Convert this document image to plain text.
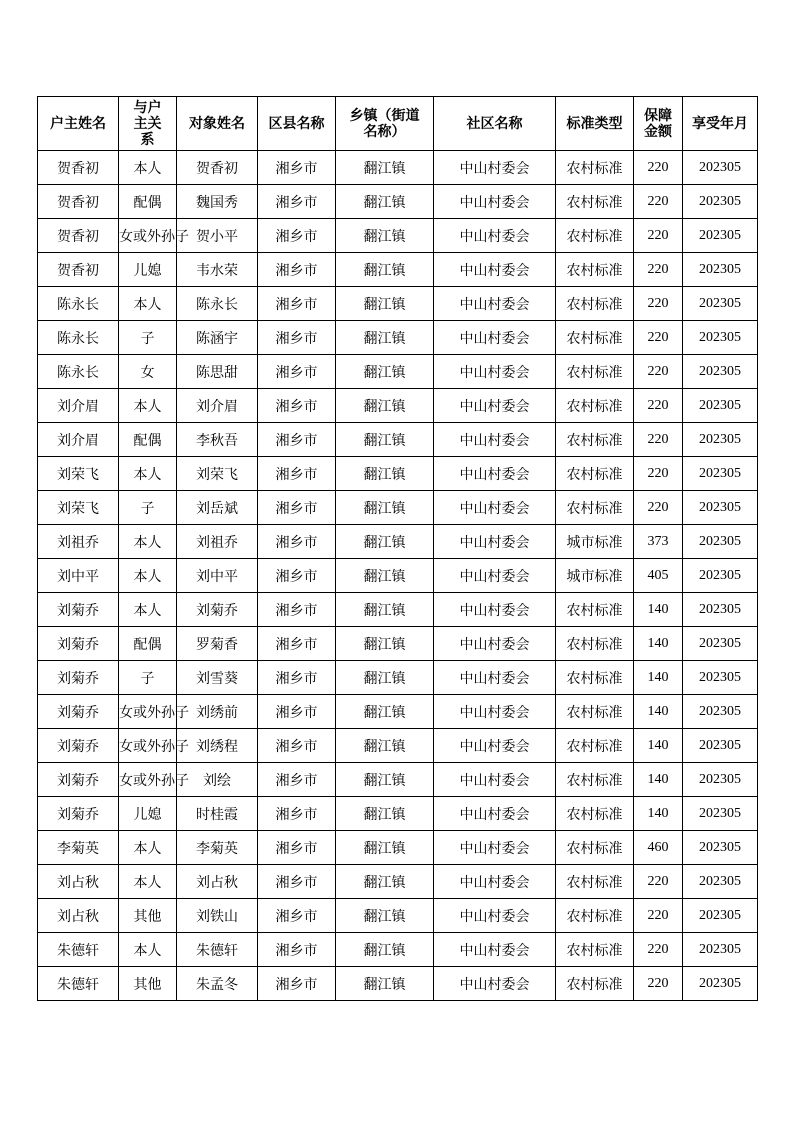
户主姓名	与户主关系	对象姓名	区县名称	乡镇（街道名称）	社区名称	标准类型	保障金额	享受年月
贺香初	本人	贺香初	湘乡市	翻江镇	中山村委会	农村标准	220	202305
贺香初	配偶	魏国秀	湘乡市	翻江镇	中山村委会	农村标准	220	202305
贺香初	女或外孙子	贺小平	湘乡市	翻江镇	中山村委会	农村标准	220	202305
贺香初	儿媳	韦水荣	湘乡市	翻江镇	中山村委会	农村标准	220	202305
陈永长	本人	陈永长	湘乡市	翻江镇	中山村委会	农村标准	220	202305
陈永长	子	陈涵宇	湘乡市	翻江镇	中山村委会	农村标准	220	202305
陈永长	女	陈思甜	湘乡市	翻江镇	中山村委会	农村标准	220	202305
刘介眉	本人	刘介眉	湘乡市	翻江镇	中山村委会	农村标准	220	202305
刘介眉	配偶	李秋吾	湘乡市	翻江镇	中山村委会	农村标准	220	202305
刘荣飞	本人	刘荣飞	湘乡市	翻江镇	中山村委会	农村标准	220	202305
刘荣飞	子	刘岳斌	湘乡市	翻江镇	中山村委会	农村标准	220	202305
刘祖乔	本人	刘祖乔	湘乡市	翻江镇	中山村委会	城市标准	373	202305
刘中平	本人	刘中平	湘乡市	翻江镇	中山村委会	城市标准	405	202305
刘菊乔	本人	刘菊乔	湘乡市	翻江镇	中山村委会	农村标准	140	202305
刘菊乔	配偶	罗菊香	湘乡市	翻江镇	中山村委会	农村标准	140	202305
刘菊乔	子	刘雪葵	湘乡市	翻江镇	中山村委会	农村标准	140	202305
刘菊乔	女或外孙子	刘绣前	湘乡市	翻江镇	中山村委会	农村标准	140	202305
刘菊乔	女或外孙子	刘绣程	湘乡市	翻江镇	中山村委会	农村标准	140	202305
刘菊乔	女或外孙子	刘绘	湘乡市	翻江镇	中山村委会	农村标准	140	202305
刘菊乔	儿媳	时桂霞	湘乡市	翻江镇	中山村委会	农村标准	140	202305
李菊英	本人	李菊英	湘乡市	翻江镇	中山村委会	农村标准	460	202305
刘占秋	本人	刘占秋	湘乡市	翻江镇	中山村委会	农村标准	220	202305
刘占秋	其他	刘铁山	湘乡市	翻江镇	中山村委会	农村标准	220	202305
朱德轩	本人	朱德轩	湘乡市	翻江镇	中山村委会	农村标准	220	202305
朱德轩	其他	朱孟冬	湘乡市	翻江镇	中山村委会	农村标准	220	202305
